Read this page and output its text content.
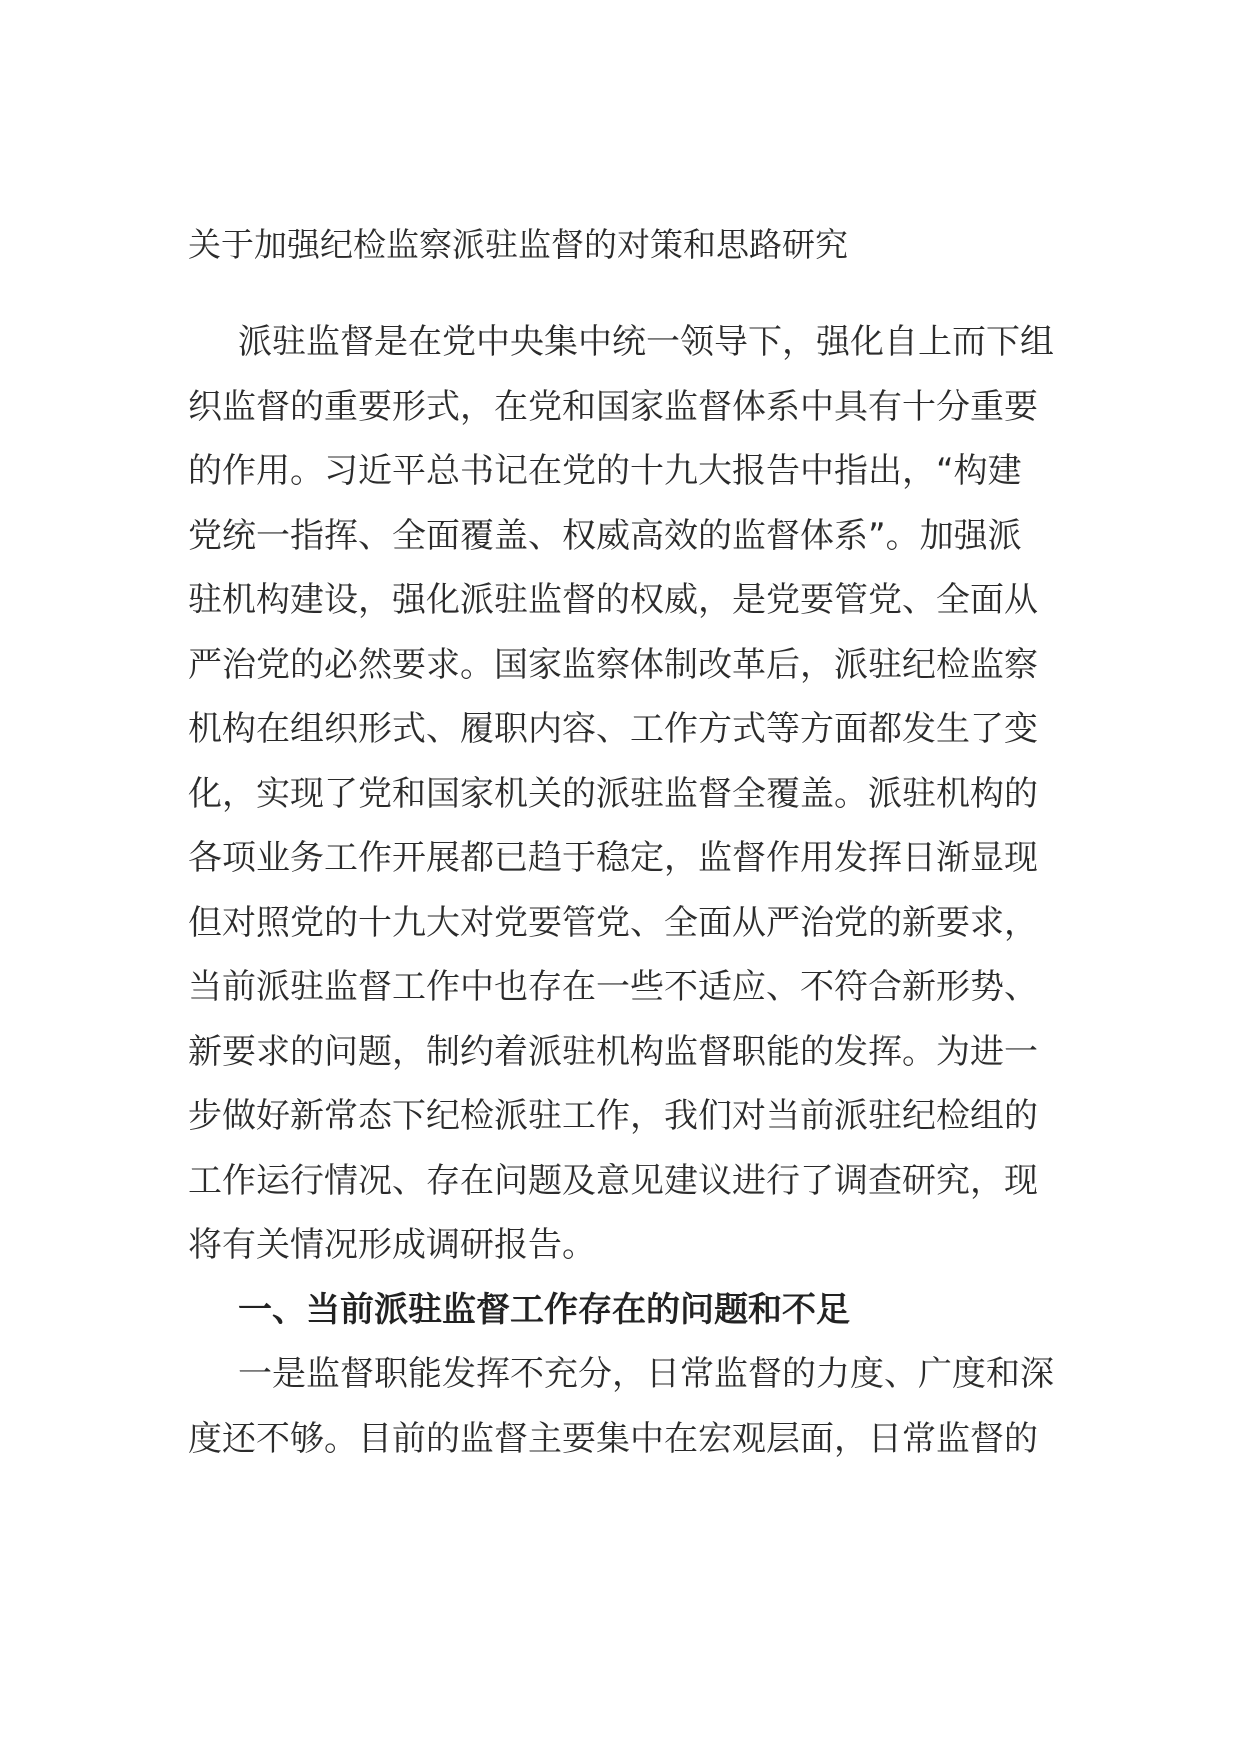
关于加强纪检监察派驻监督的对策和思路研究
派驻监督是在党中央集中统一领导下，强化自上而下组
织监督的重要形式，在党和国家监督体系中具有十分重要
的作用。习近平总书记在党的十九大报告中指出，“构建
党统一指挥、全面覆盖、权威高效的监督体系”。加强派
驻机构建设，强化派驻监督的权威，是党要管党、全面从
严治党的必然要求。国家监察体制改革后，派驻纪检监察
机构在组织形式、履职内容、工作方式等方面都发生了变
化，实现了党和国家机关的派驻监督全覆盖。派驻机构的
各项业务工作开展都已趋于稳定，监督作用发挥日渐显现
但对照党的十九大对党要管党、全面从严治党的新要求，
当前派驻监督工作中也存在一些不适应、不符合新形势、
新要求的问题，制约着派驻机构监督职能的发挥。为进一
步做好新常态下纪检派驻工作，我们对当前派驻纪检组的
工作运行情况、存在问题及意见建议进行了调查研究，现
将有关情况形成调研报告。
一、当前派驻监督工作存在的问题和不足
一是监督职能发挥不充分，日常监督的力度、广度和深
度还不够。目前的监督主要集中在宏观层面，日常监督的
